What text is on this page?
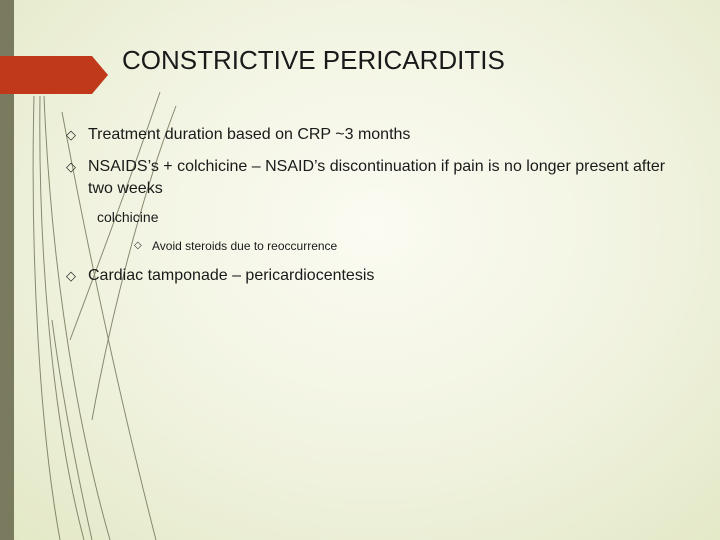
CONSTRICTIVE PERICARDITIS
◇ Treatment duration based on CRP ~3 months
◇ NSAIDS’s + colchicine – NSAID’s discontinuation if pain is no longer present after two weeks
colchicine
◇ Avoid steroids due to reoccurrence
◇ Cardiac tamponade – pericardiocentesis
